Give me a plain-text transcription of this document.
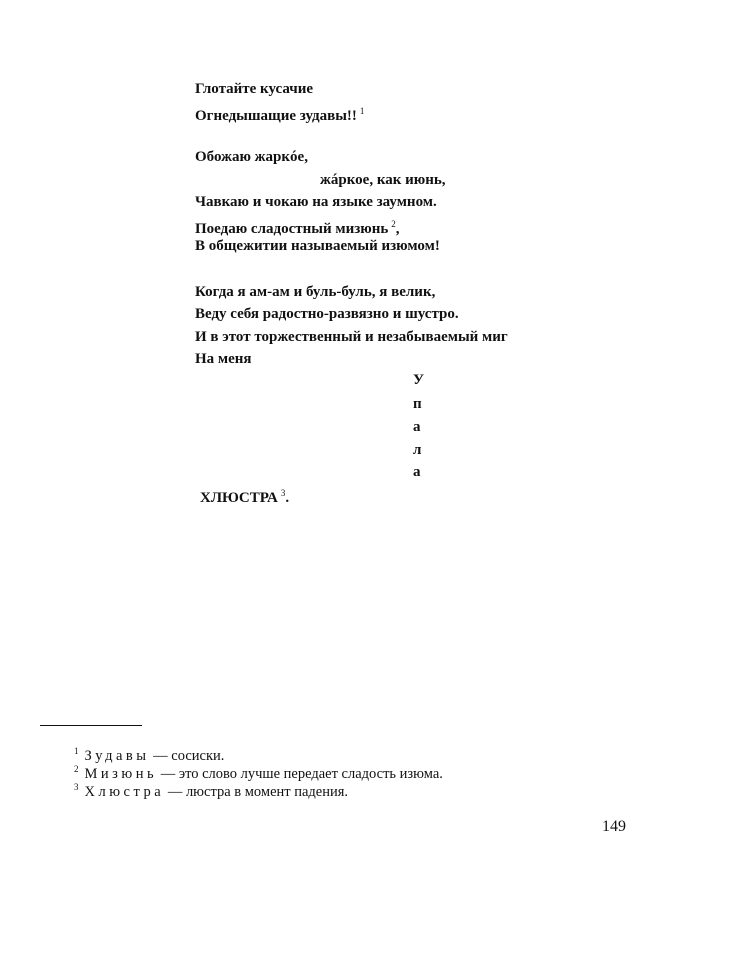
Глотайте кусачие
Огнедышащие зудавы!! $^1$
Обожаю жаркóе,
жáркое, как июнь,
Чавкаю и чокаю на языке заумном.
Поедаю сладостный мизюнь $^2$,
В общежитии называемый изюмом!
Когда я ам-ам и буль-буль, я велик,
Веду себя радостно-развязно и шустро.
И в этот торжественный и незабываемый миг
На меня
У
п
а
л
а
ХЛЮСТРА $^3$.
$^1$ Зудавы — сосиски.
$^2$ Мизюнь — это слово лучше передает сладость изюма.
$^3$ Хлюстра — люстра в момент падения.
149
